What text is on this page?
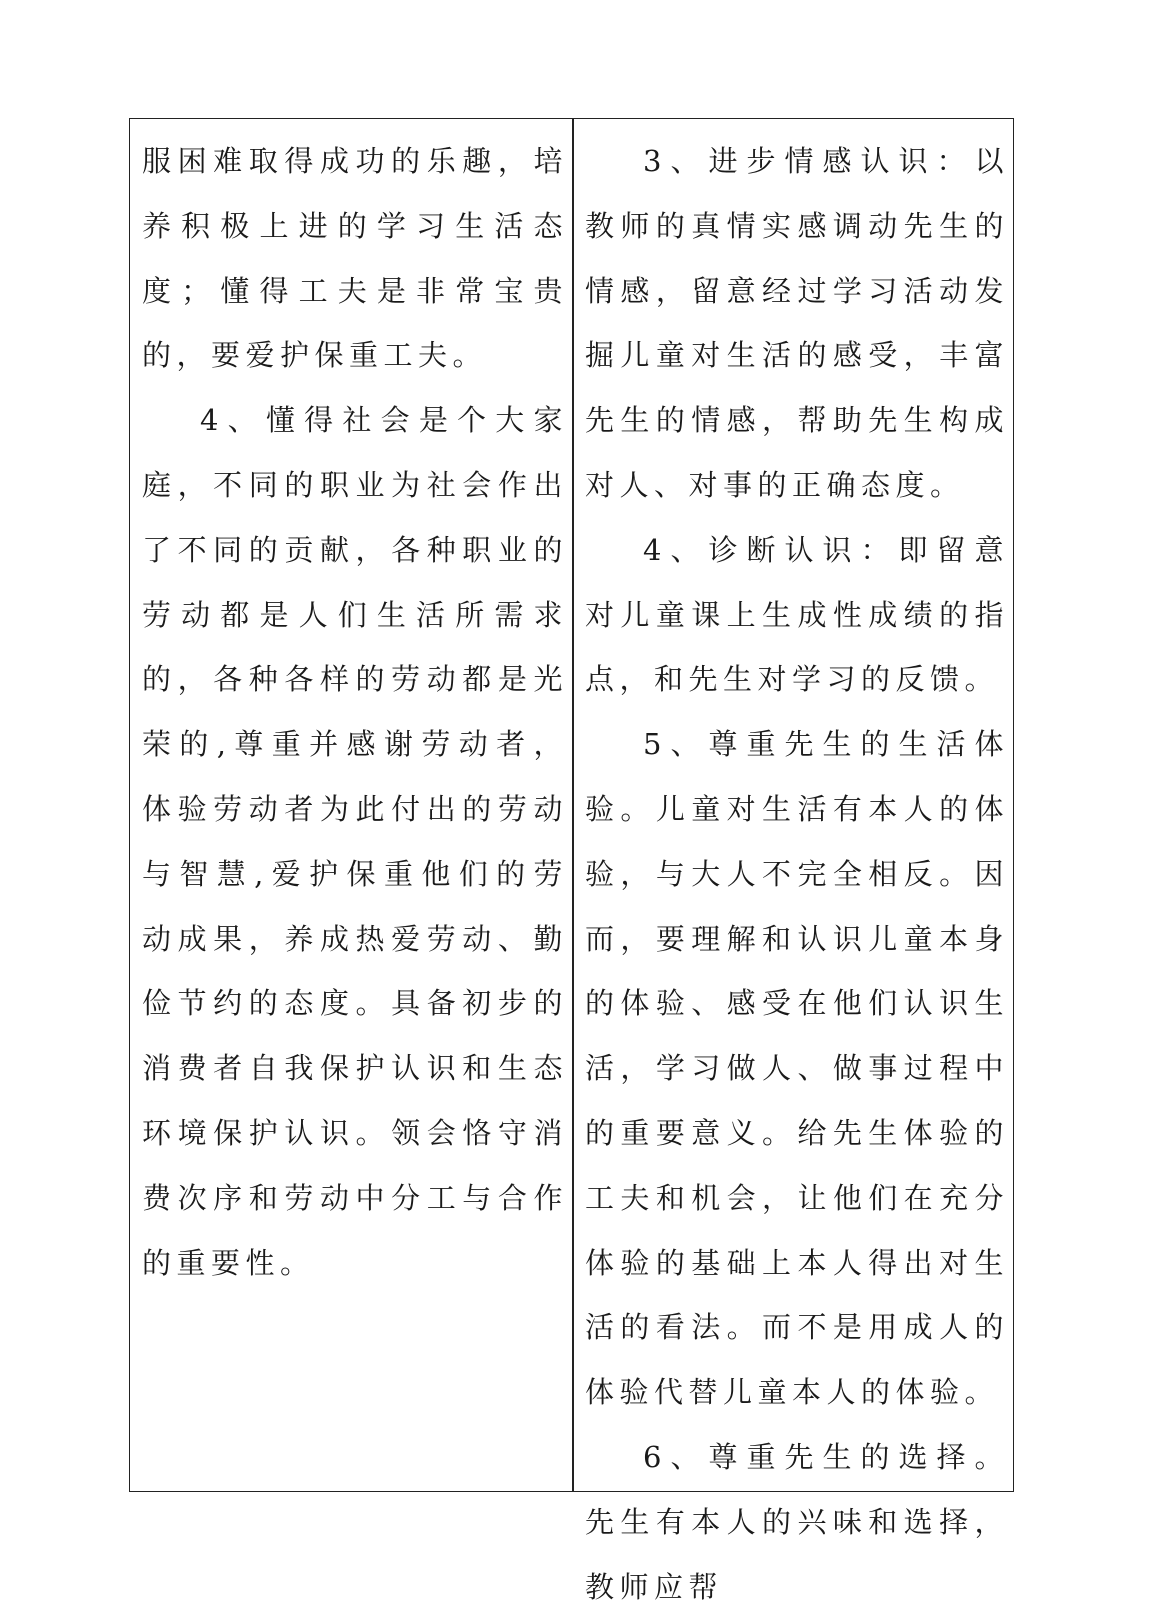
服困难取得成功的乐趣，培养积极上进的学习生活态度；懂得工夫是非常宝贵的，要爱护保重工夫。

4、懂得社会是个大家庭，不同的职业为社会作出了不同的贡献，各种职业的劳动都是人们生活所需求的，各种各样的劳动都是光荣的,尊重并感谢劳动者，体验劳动者为此付出的劳动与智慧,爱护保重他们的劳动成果，养成热爱劳动、勤俭节约的态度。具备初步的消费者自我保护认识和生态环境保护认识。领会恪守消费次序和劳动中分工与合作的重要性。

3、进步情感认识：以教师的真情实感调动先生的情感，留意经过学习活动发掘儿童对生活的感受，丰富先生的情感，帮助先生构成对人、对事的正确态度。

4、诊断认识：即留意对儿童课上生成性成绩的指点，和先生对学习的反馈。

5、尊重先生的生活体验。儿童对生活有本人的体验，与大人不完全相反。因而，要理解和认识儿童本身的体验、感受在他们认识生活，学习做人、做事过程中的重要意义。给先生体验的工夫和机会，让他们在充分体验的基础上本人得出对生活的看法。而不是用成人的体验代替儿童本人的体验。

6、尊重先生的选择。先生有本人的兴味和选择，教师应帮
